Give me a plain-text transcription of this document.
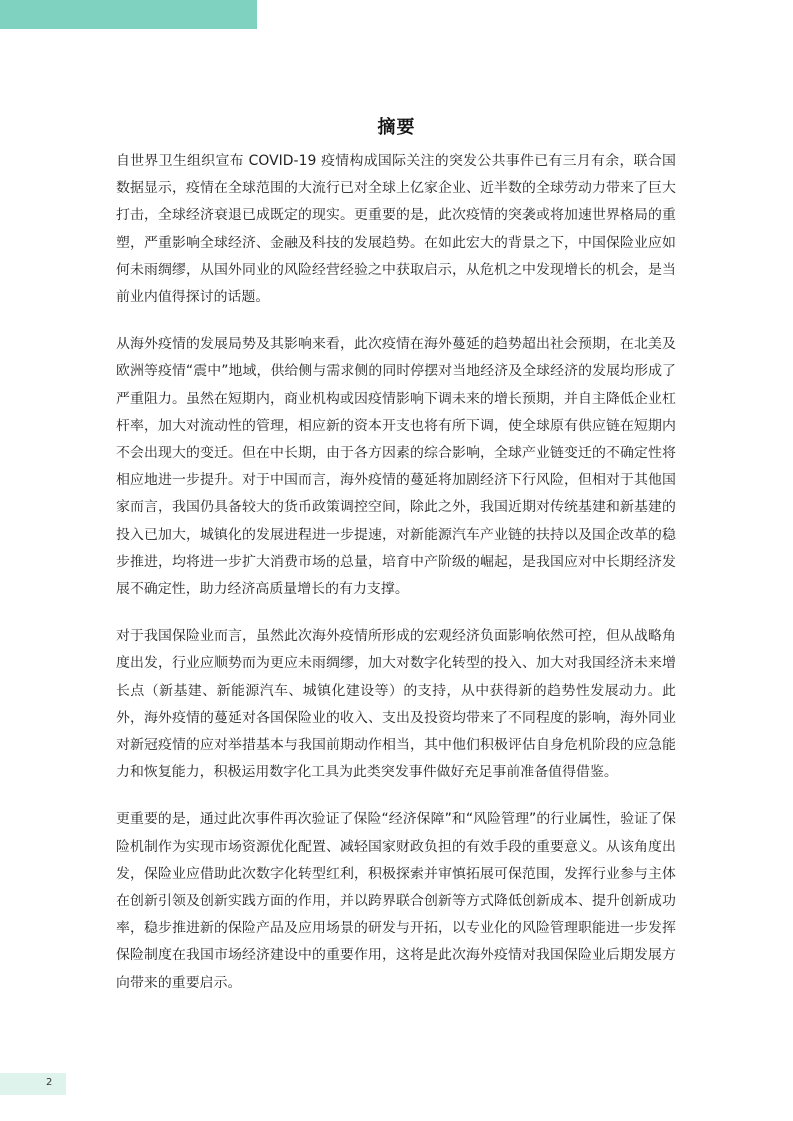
摘要

自世界卫生组织宣布 COVID-19 疫情构成国际关注的突发公共事件已有三月有余，联合国数据显示，疫情在全球范围的大流行已对全球上亿家企业、近半数的全球劳动力带来了巨大打击，全球经济衰退已成既定的现实。更重要的是，此次疫情的突袭或将加速世界格局的重塑，严重影响全球经济、金融及科技的发展趋势。在如此宏大的背景之下，中国保险业应如何未雨绸缪，从国外同业的风险经营经验之中获取启示，从危机之中发现增长的机会，是当前业内值得探讨的话题。

从海外疫情的发展局势及其影响来看，此次疫情在海外蔓延的趋势超出社会预期，在北美及欧洲等疫情“震中”地域，供给侧与需求侧的同时停摆对当地经济及全球经济的发展均形成了严重阻力。虽然在短期内，商业机构或因疫情影响下调未来的增长预期，并自主降低企业杠杆率，加大对流动性的管理，相应新的资本开支也将有所下调，使全球原有供应链在短期内不会出现大的变迁。但在中长期，由于各方因素的综合影响，全球产业链变迁的不确定性将相应地进一步提升。对于中国而言，海外疫情的蔓延将加剧经济下行风险，但相对于其他国家而言，我国仍具备较大的货币政策调控空间，除此之外，我国近期对传统基建和新基建的投入已加大，城镇化的发展进程进一步提速，对新能源汽车产业链的扶持以及国企改革的稳步推进，均将进一步扩大消费市场的总量，培育中产阶级的崛起，是我国应对中长期经济发展不确定性，助力经济高质量增长的有力支撑。

对于我国保险业而言，虽然此次海外疫情所形成的宏观经济负面影响依然可控，但从战略角度出发，行业应顺势而为更应未雨绸缪，加大对数字化转型的投入、加大对我国经济未来增长点（新基建、新能源汽车、城镇化建设等）的支持，从中获得新的趋势性发展动力。此外，海外疫情的蔓延对各国保险业的收入、支出及投资均带来了不同程度的影响，海外同业对新冠疫情的应对举措基本与我国前期动作相当，其中他们积极评估自身危机阶段的应急能力和恢复能力，积极运用数字化工具为此类突发事件做好充足事前准备值得借鉴。

更重要的是，通过此次事件再次验证了保险“经济保障”和“风险管理”的行业属性，验证了保险机制作为实现市场资源优化配置、减轻国家财政负担的有效手段的重要意义。从该角度出发，保险业应借助此次数字化转型红利，积极探索并审慎拓展可保范围，发挥行业参与主体在创新引领及创新实践方面的作用，并以跨界联合创新等方式降低创新成本、提升创新成功率，稳步推进新的保险产品及应用场景的研发与开拓，以专业化的风险管理职能进一步发挥保险制度在我国市场经济建设中的重要作用，这将是此次海外疫情对我国保险业后期发展方向带来的重要启示。

2
